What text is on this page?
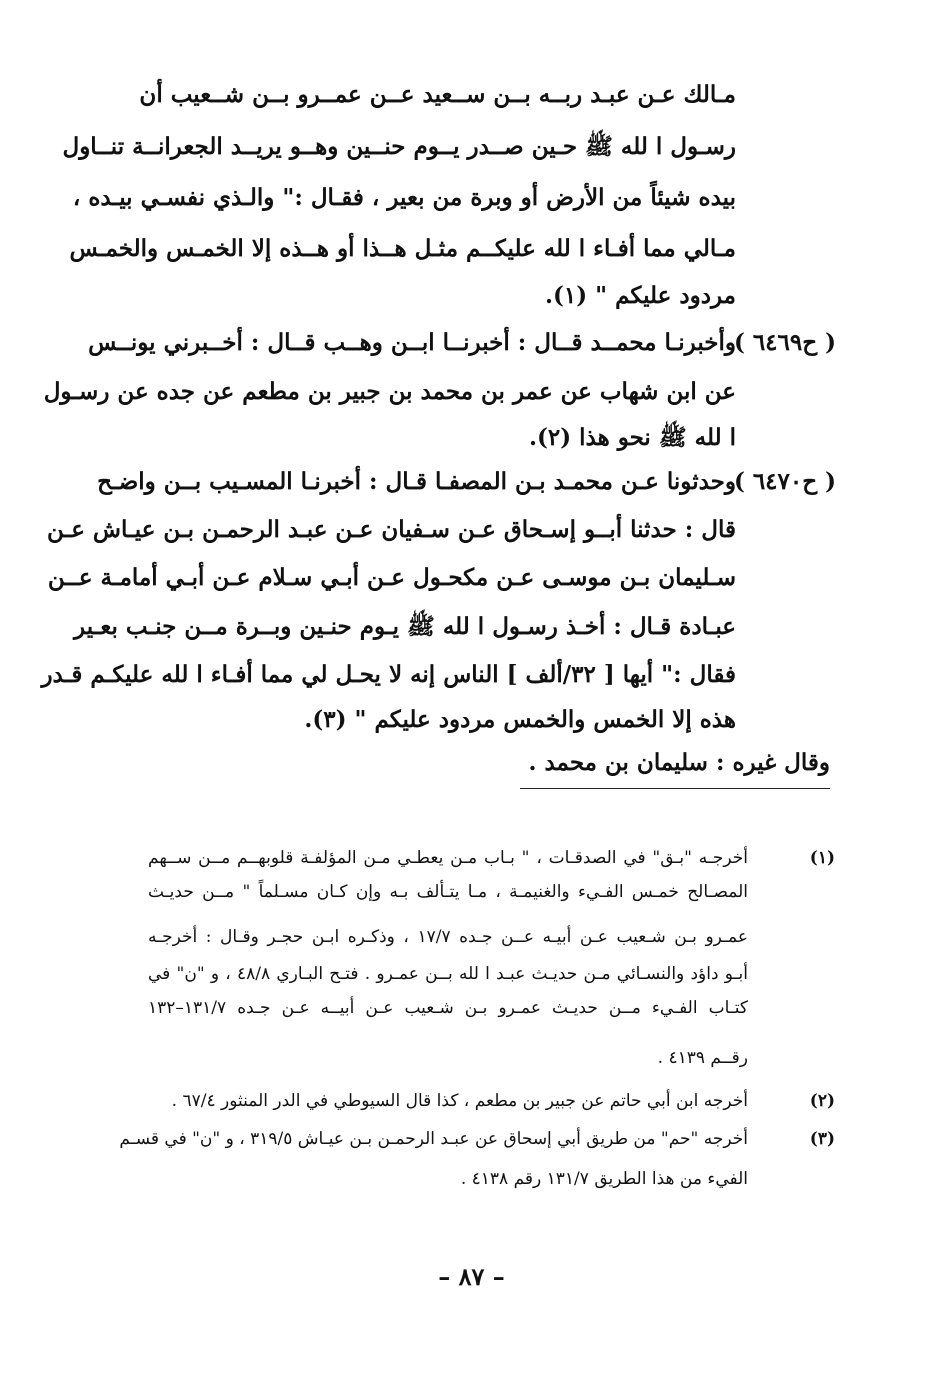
مـالك عـن عبـد ربــه بــن ســعيد عــن عمــرو بــن شــعيب أن
رسـول ا لله ﷺ حـين صــدر يــوم حنــين وهــو يريــد الجعرانــة تنــاول
بيده شيئاً من الأرض أو وبرة من بعير ، فقـال :" والـذي نفسـي بيـده ،
مـالي مما أفـاء ا لله عليكــم مثـل هــذا أو هــذه إلا الخمـس والخمـس
مردود عليكم " (١).
( ح٦٤٦٩ )
وأخبرنـا محمــد قــال : أخبرنــا ابــن وهــب قــال : أخــبرني يونــس
عن ابن شهاب عن عمر بن محمد بن جبير بن مطعم عن جده عن رسـول
ا لله ﷺ نحو هذا (٢).
( ح٦٤٧٠ )
وحدثونا عـن محمـد بـن المصفـا قـال : أخبرنـا المسـيب بــن واضـح
قال : حدثنا أبــو إسـحاق عـن سـفيان عـن عبـد الرحمـن بـن عيـاش عـن
سـليمان بـن موسـى عـن مكحـول عـن أبـي سـلام عـن أبـي أمامـة عــن
عبـادة قـال : أخـذ رسـول ا لله ﷺ يـوم حنـين وبــرة مــن جنـب بعـير
فقال :" أيها [ ٣٢/ألف ] الناس إنه لا يحـل لي مما أفـاء ا لله عليكـم قـدر
هذه إلا الخمس والخمس مردود عليكم " (٣).
وقال غيره : سليمان بن محمد .
(١)
أخرجـه "بـق" في الصدقـات ، " بـاب مـن يعطـي مـن المؤلفـة قلوبهــم مــن ســهم
المصـالح خمـس الفـيء والغنيمـة ، مـا يتـألف بـه وإن كـان مسـلماً " مــن حديـث
عمـرو بـن شـعيب عـن أبيـه عــن جـده ١٧/٧ ، وذكـره ابـن حجـر وقـال : أخرجـه
أبـو داؤد والنسـائي مـن حديـث عبـد ا لله بــن عمـرو . فتـح البـاري ٤٨/٨ ، و "ن" في
كتـاب الفـيء مــن حديـث عمـرو بـن شـعيب عـن أبيــه عـن جـده ١٣١/٧–١٣٢
رقــم ٤١٣٩ .
(٢)
أخرجه ابن أبي حاتم عن جبير بن مطعم ، كذا قال السيوطي في الدر المنثور ٦٧/٤ .
(٣)
أخرجه "حم" من طريق أبي إسحاق عن عبـد الرحمـن بـن عيـاش ٣١٩/٥ ، و "ن" في قسـم
الفيء من هذا الطريق ١٣١/٧ رقم ٤١٣٨ .
– ٨٧ –
